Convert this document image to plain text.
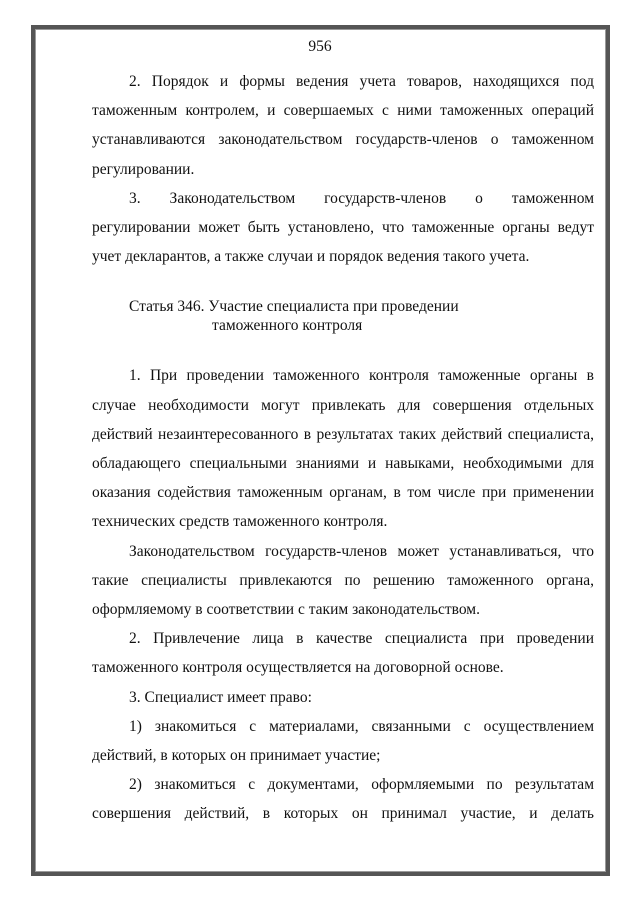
956

2. Порядок и формы ведения учета товаров, находящихся под таможенным контролем, и совершаемых с ними таможенных операций устанавливаются законодательством государств-членов о таможенном регулировании.

3. Законодательством государств-членов о таможенном регулировании может быть установлено, что таможенные органы ведут учет декларантов, а также случаи и порядок ведения такого учета.

Статья 346. Участие специалиста при проведении
таможенного контроля

1. При проведении таможенного контроля таможенные органы в случае необходимости могут привлекать для совершения отдельных действий незаинтересованного в результатах таких действий специалиста, обладающего специальными знаниями и навыками, необходимыми для оказания содействия таможенным органам, в том числе при применении технических средств таможенного контроля.

Законодательством государств-членов может устанавливаться, что такие специалисты привлекаются по решению таможенного органа, оформляемому в соответствии с таким законодательством.

2. Привлечение лица в качестве специалиста при проведении таможенного контроля осуществляется на договорной основе.

3. Специалист имеет право:

1) знакомиться с материалами, связанными с осуществлением действий, в которых он принимает участие;

2) знакомиться с документами, оформляемыми по результатам совершения действий, в которых он принимал участие, и делать
